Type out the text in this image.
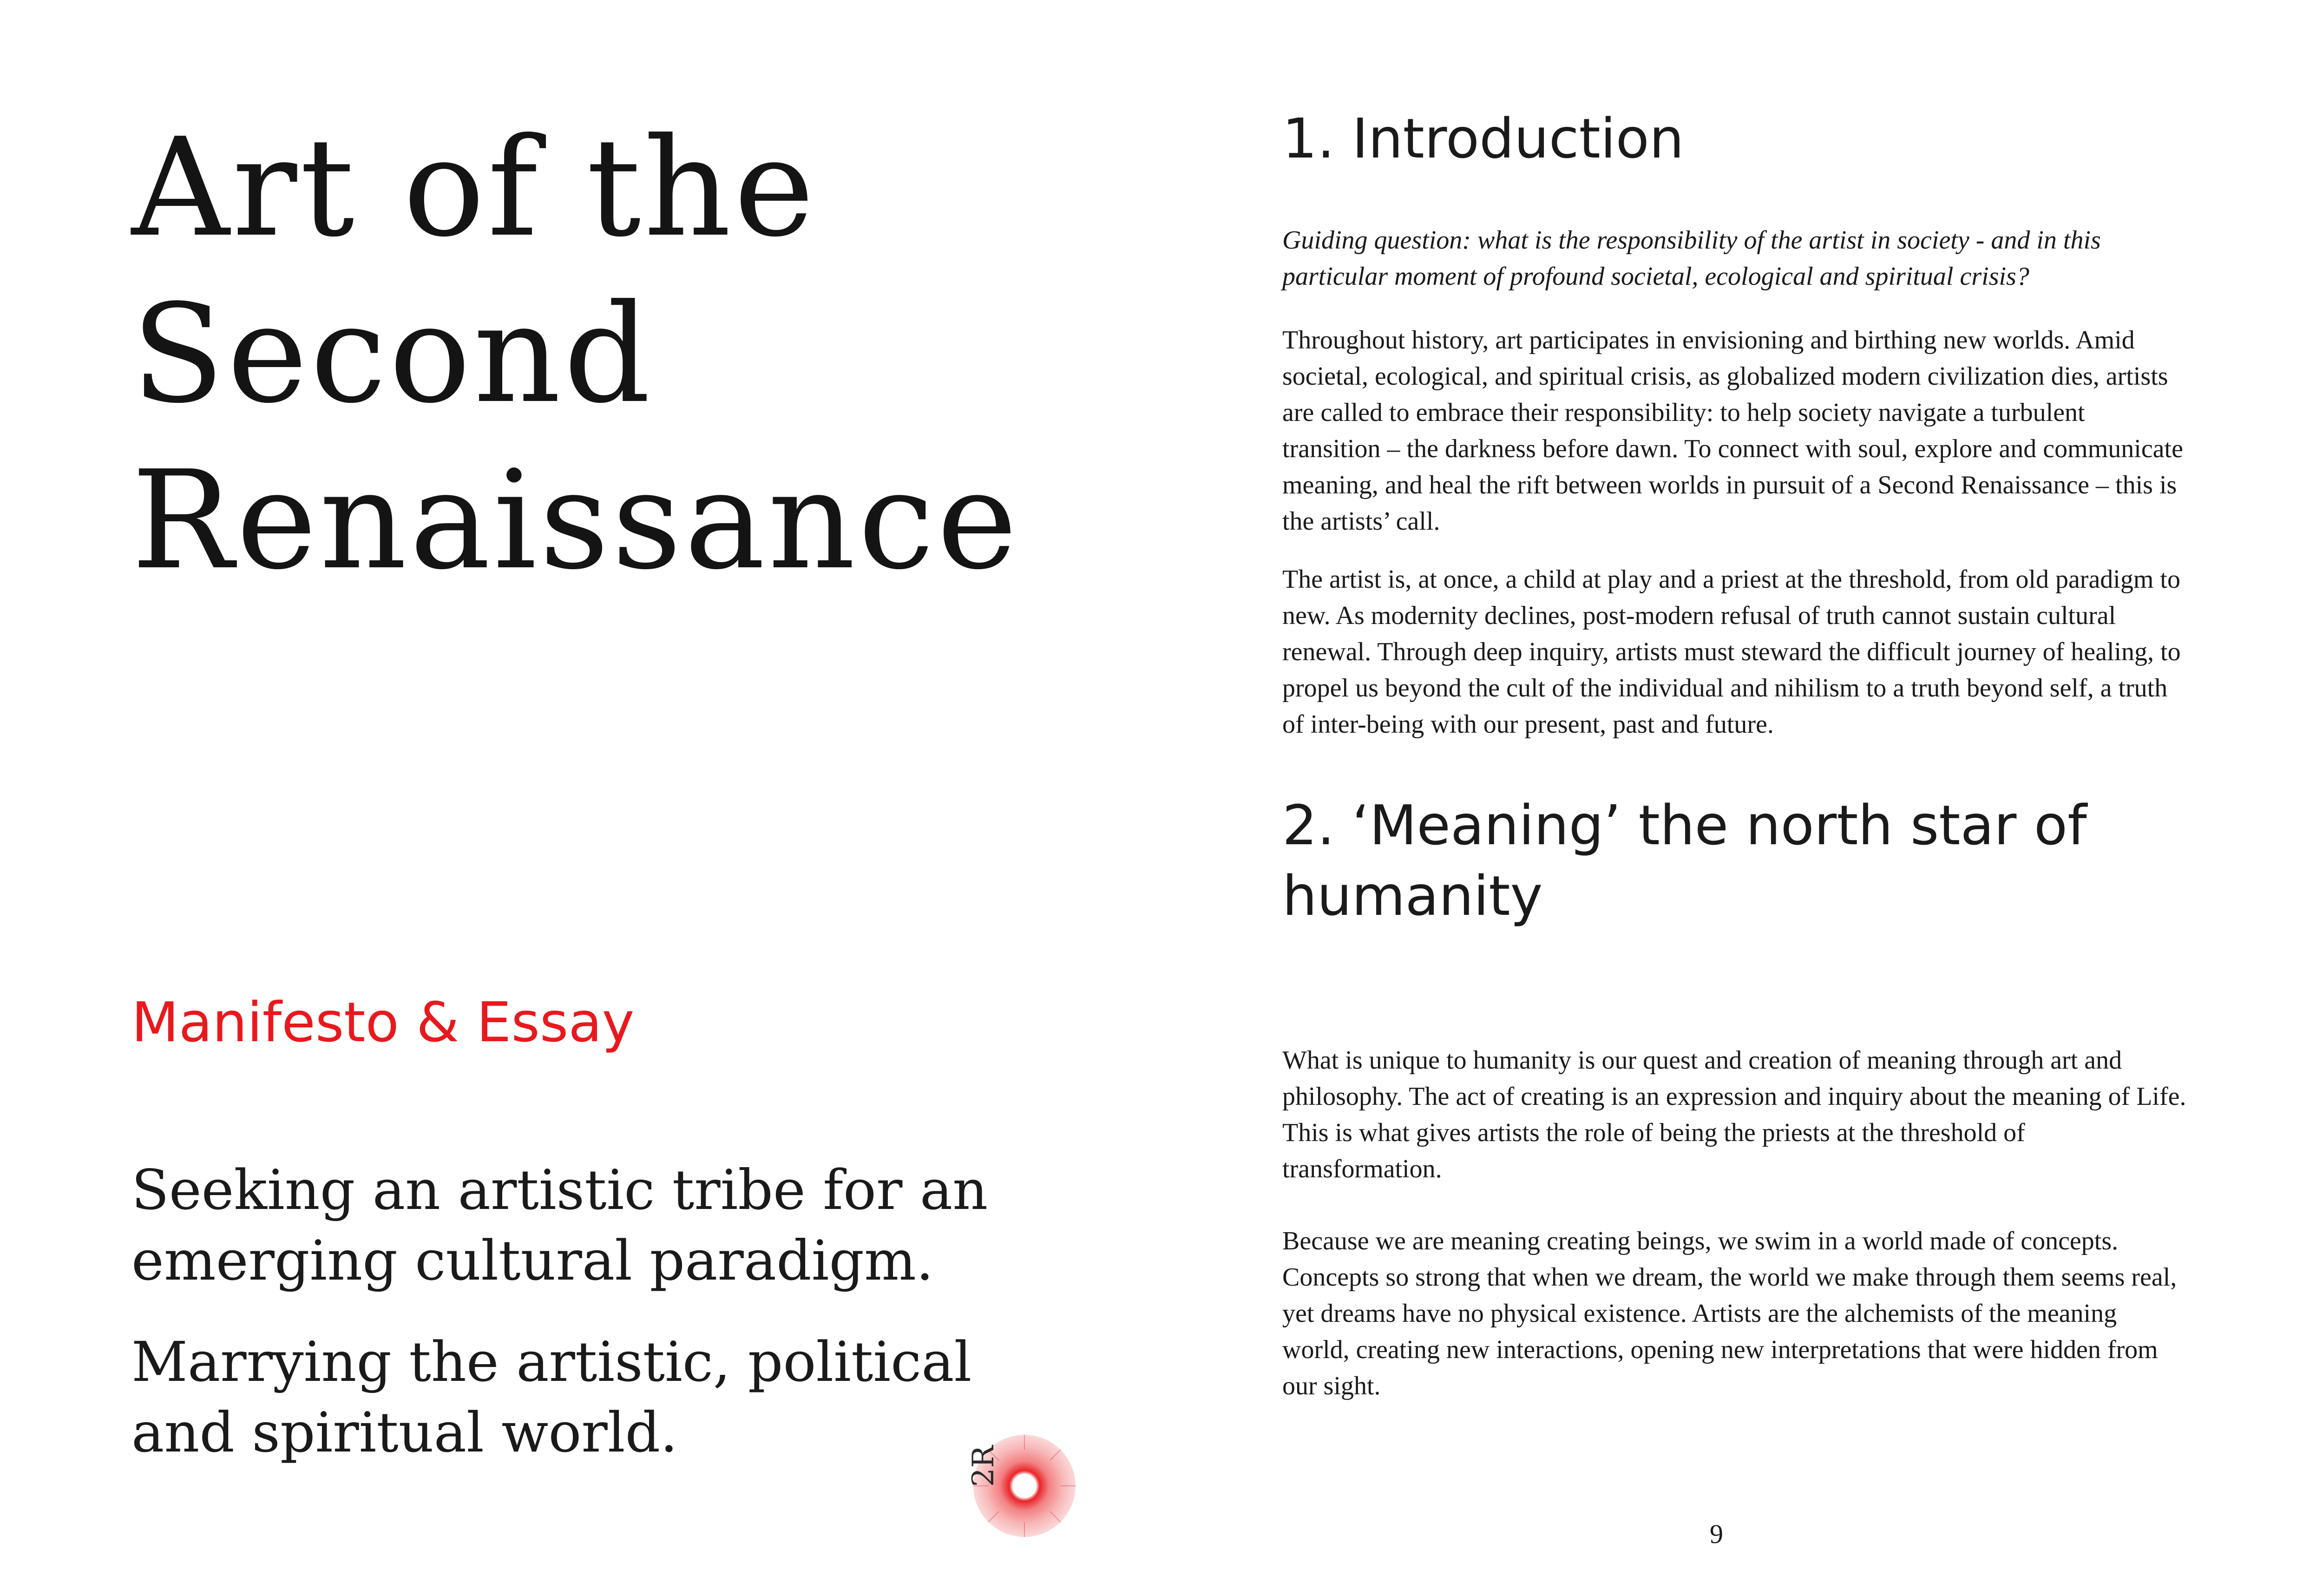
Art of the
Second
Renaissance
Manifesto & Essay

Seeking an artistic tribe for an emerging cultural paradigm.

Marrying the artistic, political and spiritual world.

2R
1. Introduction

Guiding question: what is the responsibility of the artist in society - and in this particular moment of profound societal, ecological and spiritual crisis?

Throughout history, art participates in envisioning and birthing new worlds. Amid societal, ecological, and spiritual crisis, as globalized modern civilization dies, artists are called to embrace their responsibility: to help society navigate a turbulent transition – the darkness before dawn. To connect with soul, explore and communicate meaning, and heal the rift between worlds in pursuit of a Second Renaissance – this is the artists’ call.

The artist is, at once, a child at play and a priest at the threshold, from old paradigm to new. As modernity declines, post-modern refusal of truth cannot sustain cultural renewal. Through deep inquiry, artists must steward the difficult journey of healing, to propel us beyond the cult of the individual and nihilism to a truth beyond self, a truth of inter-being with our present, past and future.

2. ‘Meaning’ the north star of humanity

What is unique to humanity is our quest and creation of meaning through art and philosophy. The act of creating is an expression and inquiry about the meaning of Life. This is what gives artists the role of being the priests at the threshold of transformation.

Because we are meaning creating beings, we swim in a world made of concepts. Concepts so strong that when we dream, the world we make through them seems real, yet dreams have no physical existence. Artists are the alchemists of the meaning world, creating new interactions, opening new interpretations that were hidden from our sight.

9
